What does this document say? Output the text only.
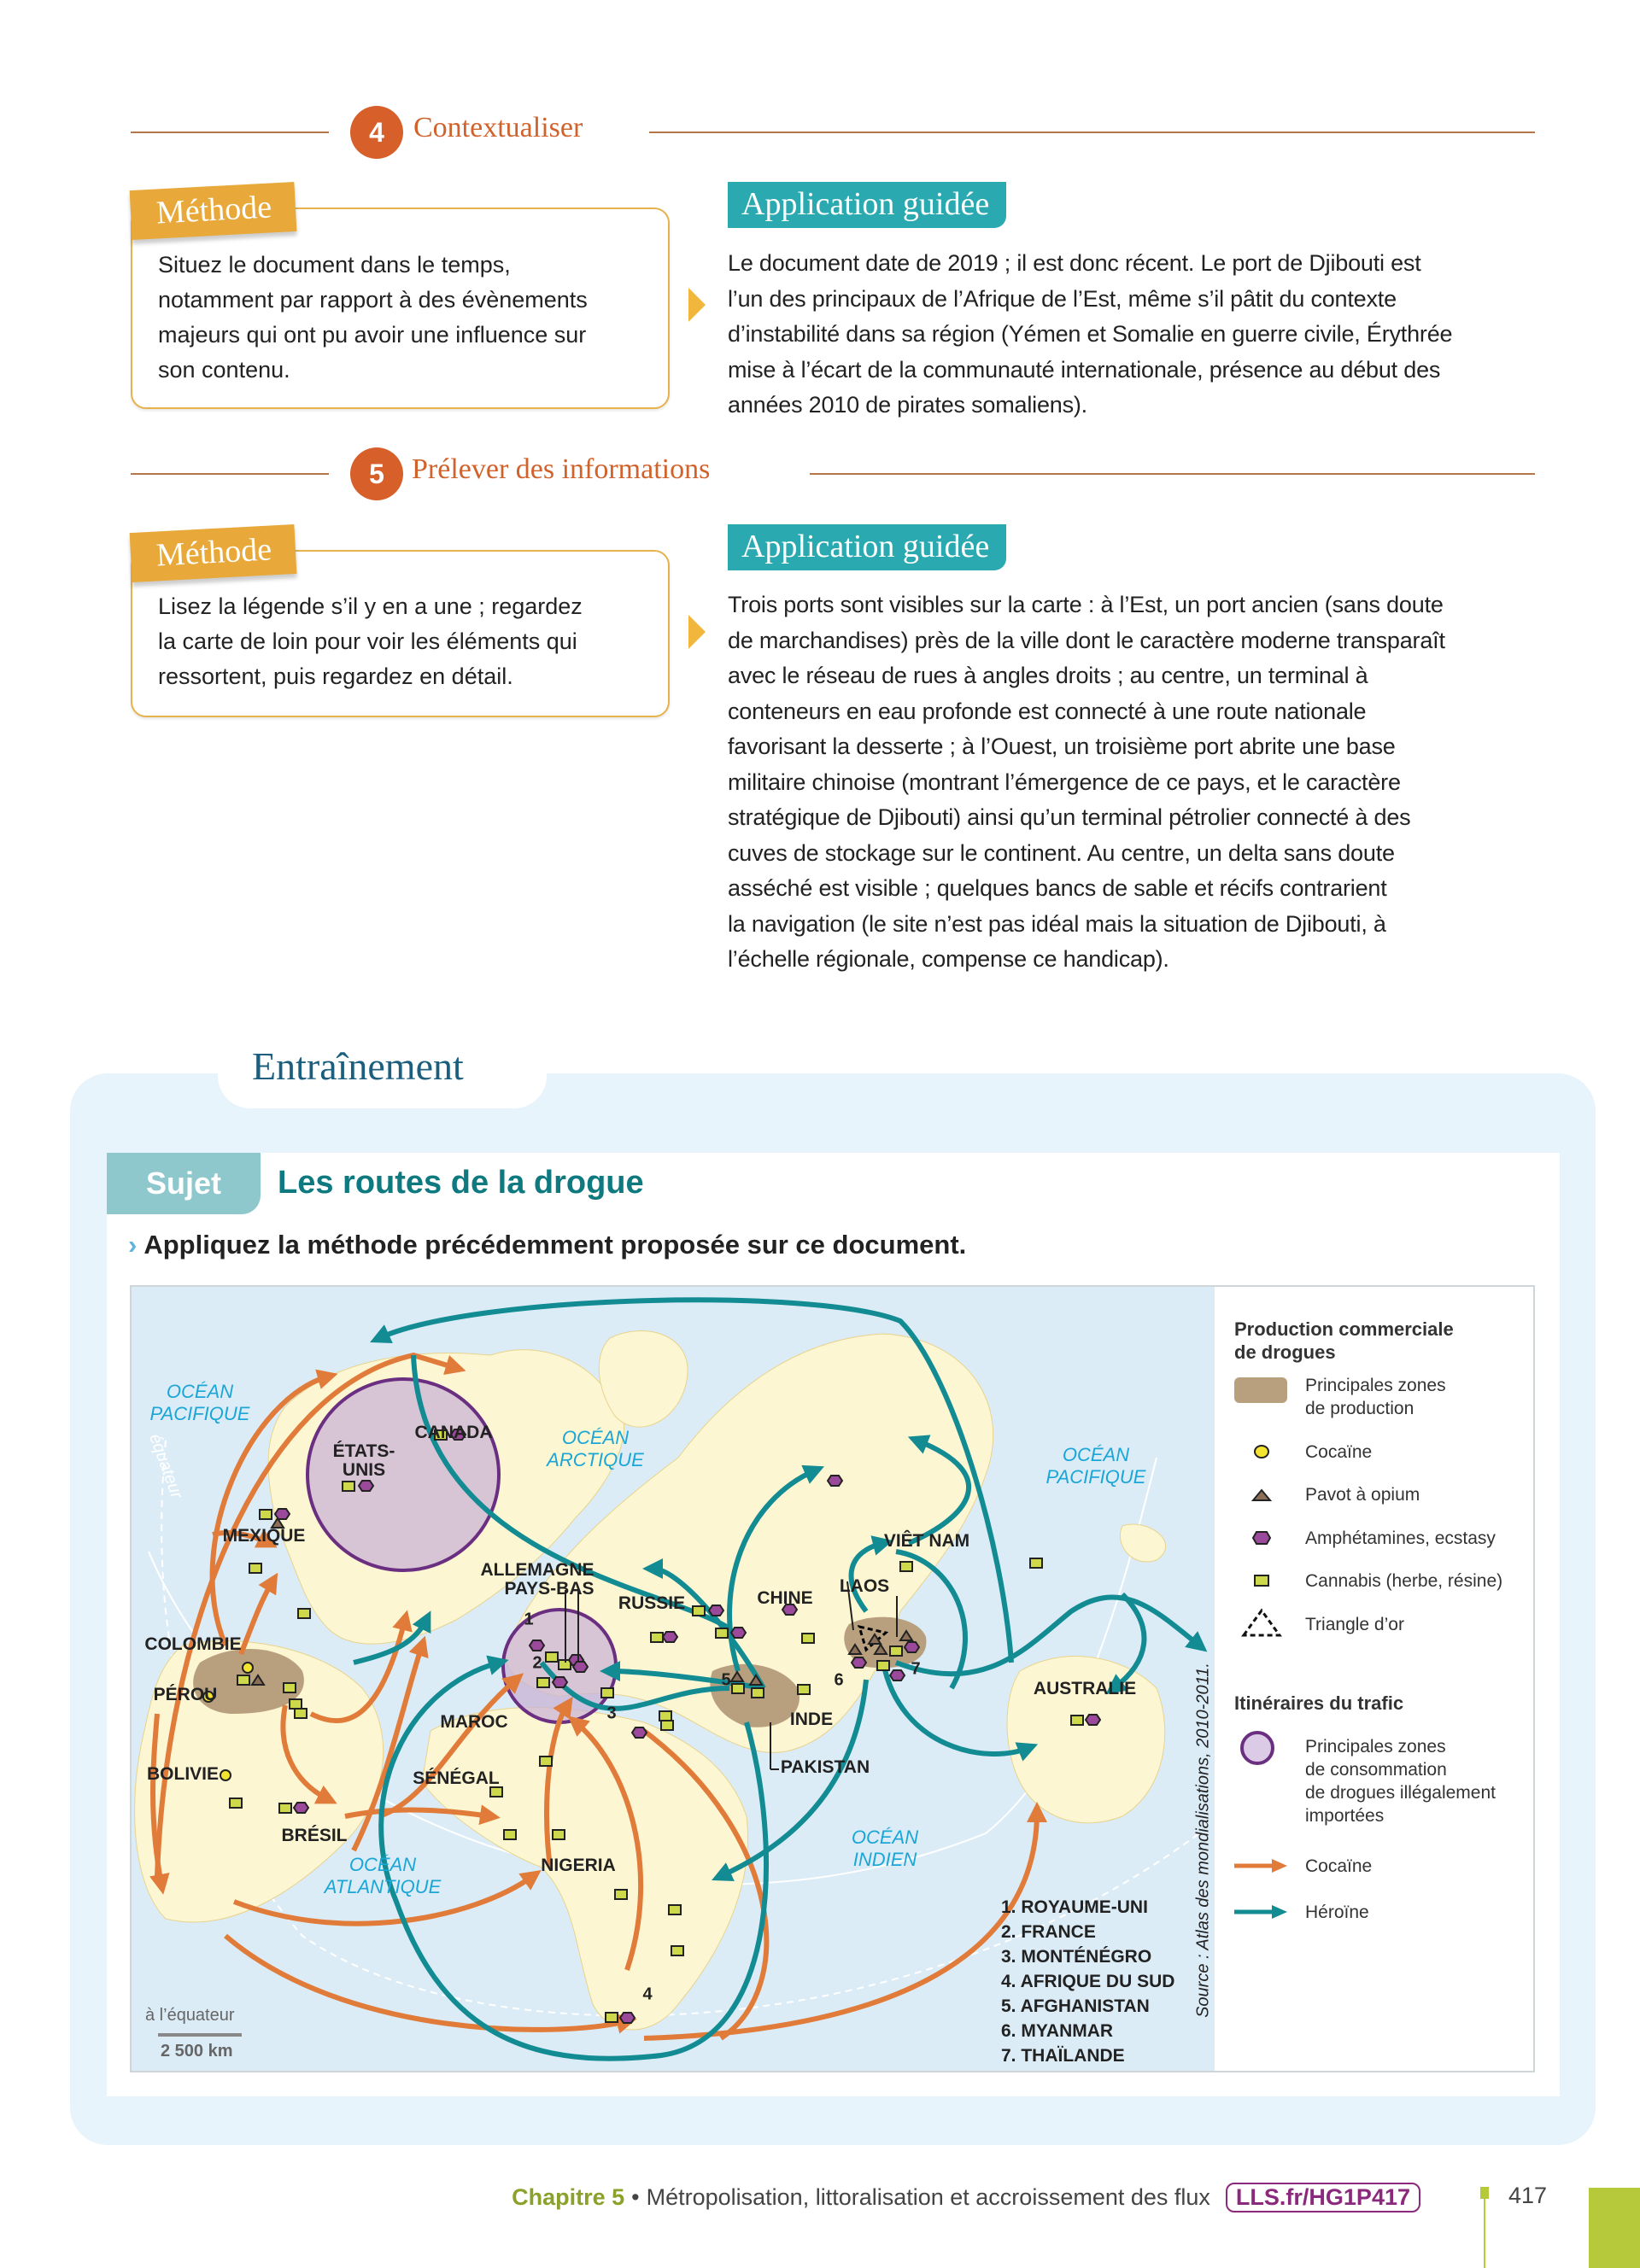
4	Contextualiser
Méthode
Situez le document dans le temps,
notamment par rapport à des évènements
majeurs qui ont pu avoir une influence sur
son contenu.
Application guidée
Le document date de 2019 ; il est donc récent. Le port de Djibouti est
l’un des principaux de l’Afrique de l’Est, même s’il pâtit du contexte
d’instabilité dans sa région (Yémen et Somalie en guerre civile, Érythrée
mise à l’écart de la communauté internationale, présence au début des
années 2010 de pirates somaliens).
5 Prélever des informations
Méthode
Lisez la légende s’il y en a une ; regardez
la carte de loin pour voir les éléments qui
ressortent, puis regardez en détail.
Application guidée
Trois ports sont visibles sur la carte : à l’Est, un port ancien (sans doute
de marchandises) près de la ville dont le caractère moderne transparaît
avec le réseau de rues à angles droits ; au centre, un terminal à
conteneurs en eau profonde est connecté à une route nationale
favorisant la desserte ; à l’Ouest, un troisième port abrite une base
militaire chinoise (montrant l’émergence de ce pays, et le caractère
stratégique de Djibouti) ainsi qu’un terminal pétrolier connecté à des
cuves de stockage sur le continent. Au centre, un delta sans doute
asséché est visible ; quelques bancs de sable et récifs contrarient
la navigation (le site n’est pas idéal mais la situation de Djibouti, à
l’échelle régionale, compense ce handicap).
Entraînement
Sujet	Les routes de la drogue
› Appliquez la méthode précédemment proposée sur ce document.
OCÉAN
PACIFIQUE
OCÉAN
ARCTIQUE
OCÉAN
ATLANTIQUE
OCÉAN
INDIEN
OCÉAN
PACIFIQUE
équateur	ÉTATS-
UNIS
CANADA
MEXIQUE
COLOMBIE
PÉROU
BOLIVIE
BRÉSIL
MAROC
SÉNÉGAL
NIGERIA
ALLEMAGNE
PAYS-BAS
RUSSIE	CHINE
LAOS
VIÊT NAM
INDE
PAKISTAN
AUSTRALIE
1
2
3
4
5	6
7
1. ROYAUME-UNI
2. FRANCE
3. MONTÉNÉGRO
4. AFRIQUE DU SUD
5. AFGHANISTAN
6. MYANMAR
7. THAÏLANDE
Source : Atlas des mondialisations, 2010-2011.
à l’équateur
2 500 km
Production commerciale
de drogues
Principales zones
de production
Cocaïne
Pavot à opium
Amphétamines, ecstasy
Cannabis (herbe, résine)
Triangle d’or
Itinéraires du trafic
Principales zones
de consommation
de drogues illégalement
importées
Cocaïne
Héroïne
Chapitre 5 • Métropolisation, littoralisation et accroissement des flux	LLS.fr/HG1P417	417
